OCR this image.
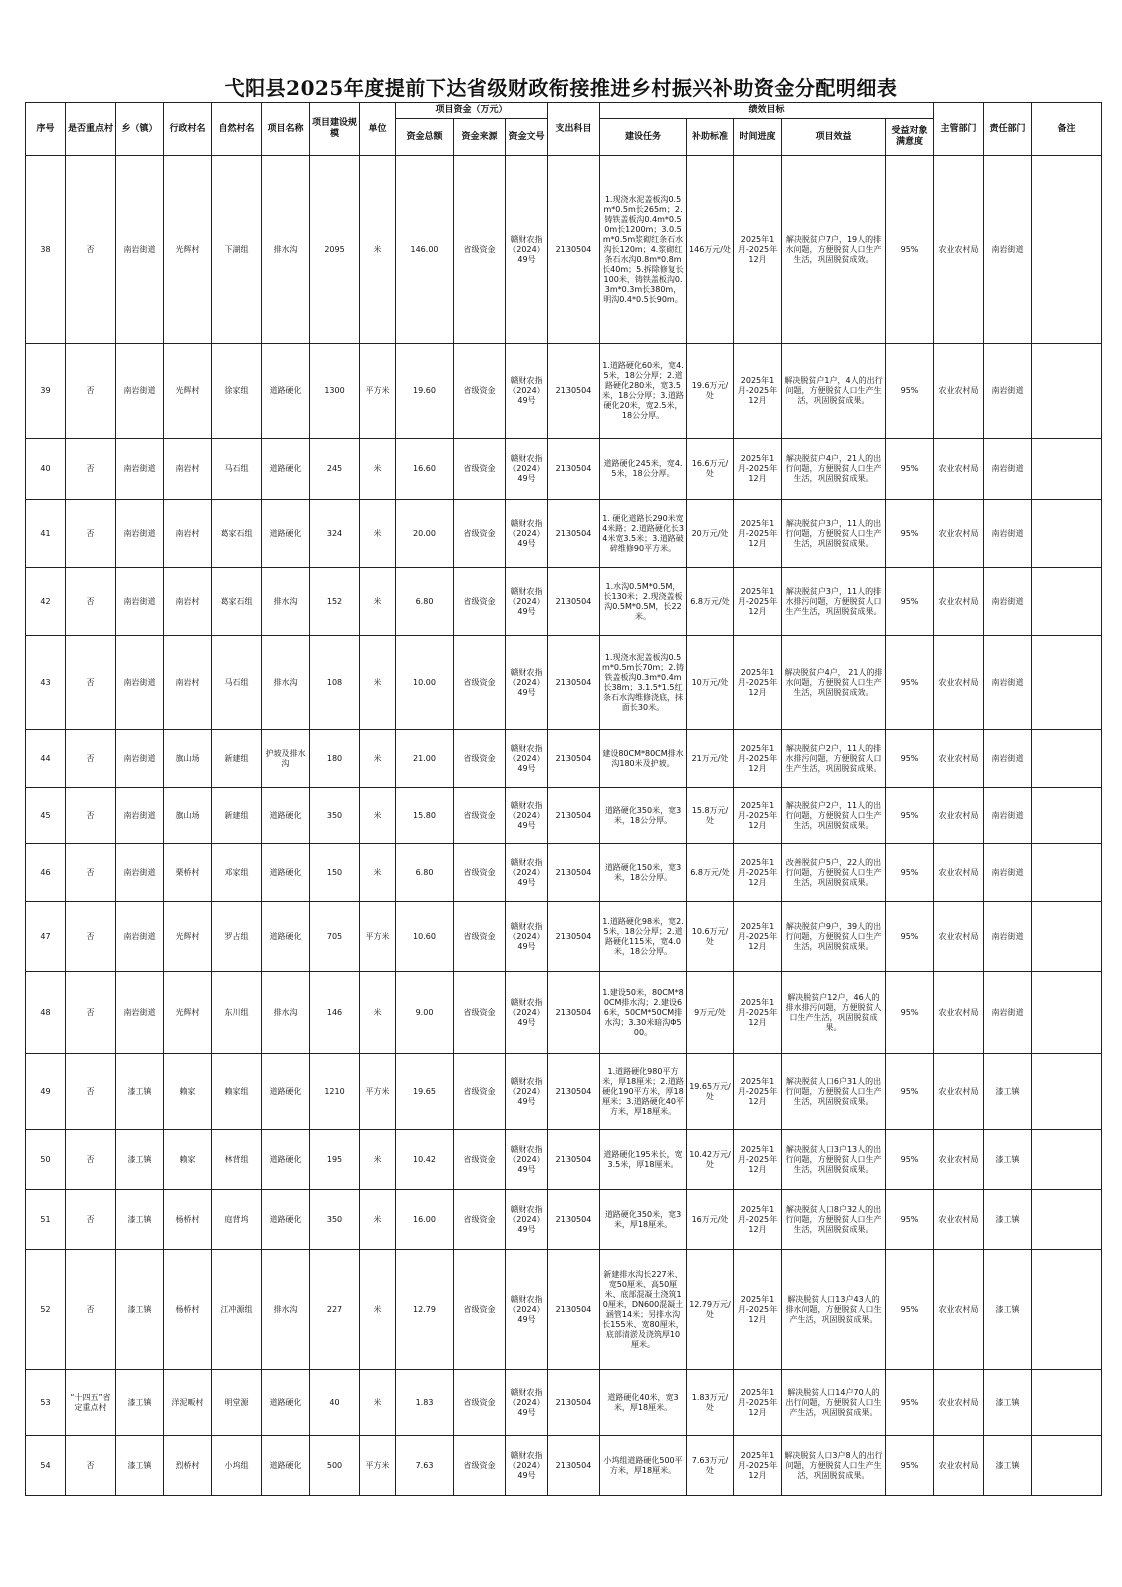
弋阳县2025年度提前下达省级财政衔接推进乡村振兴补助资金分配明细表
序号	是否重点村	乡（镇）	行政村名	自然村名	项目名称	项目建设规模	单位	项目资金（万元）			支出科目	绩效目标					主管部门	责任部门	备注
								资金总额	资金来源	资金文号		建设任务	补助标准	时间进度	项目效益	受益对象满意度			
38	否	南岩街道	光辉村	下湖组	排水沟	2095	米	146.00	省级资金	赣财农指（2024）49号	2130504	1.现浇水泥盖板沟0.5m*0.5m长265m；2.铸铁盖板沟0.4m*0.50m长1200m；3.0.5m*0.5m浆砌红条石水沟长120m；4.浆砌红条石水沟0.8m*0.8m长40m；5.拆除修复长100米，铸铁盖板沟0.3m*0.3m长380m，明沟0.4*0.5长90m。	146万元/处	2025年1月-2025年12月	解决脱贫户7户，19人的排水问题，方便脱贫人口生产生活，巩固脱贫成效。	95%	农业农村局	南岩街道	
39	否	南岩街道	光辉村	徐家组	道路硬化	1300	平方米	19.60	省级资金	赣财农指（2024）49号	2130504	1.道路硬化60米，宽4.5米，18公分厚；2.道路硬化280米，宽3.5米，18公分厚；3.道路硬化20米，宽2.5米，18公分厚。	19.6万元/处	2025年1月-2025年12月	解决脱贫户1户，4人的出行问题，方便脱贫人口生产生活，巩固脱贫成果。	95%	农业农村局	南岩街道	
40	否	南岩街道	南岩村	马石组	道路硬化	245	米	16.60	省级资金	赣财农指（2024）49号	2130504	道路硬化245米，宽4.5米，18公分厚。	16.6万元/处	2025年1月-2025年12月	解决脱贫户4户，21人的出行问题，方便脱贫人口生产生活，巩固脱贫成果。	95%	农业农村局	南岩街道	
41	否	南岩街道	南岩村	葛家石组	道路硬化	324	米	20.00	省级资金	赣财农指（2024）49号	2130504	1. 硬化道路长290米宽4米路；2.道路硬化长34米宽3.5米；3.道路破碎维修90平方米。	20万元/处	2025年1月-2025年12月	解决脱贫户3户，11人的出行问题，方便脱贫人口生产生活，巩固脱贫成果。	95%	农业农村局	南岩街道	
42	否	南岩街道	南岩村	葛家石组	排水沟	152	米	6.80	省级资金	赣财农指（2024）49号	2130504	1.水沟0.5M*0.5M，长130米；2.现浇盖板沟0.5M*0.5M，长22米。	6.8万元/处	2025年1月-2025年12月	解决脱贫户3户，11人的排水排污问题，方便脱贫人口生产生活，巩固脱贫成果。	95%	农业农村局	南岩街道	
43	否	南岩街道	南岩村	马石组	排水沟	108	米	10.00	省级资金	赣财农指（2024）49号	2130504	1.现浇水泥盖板沟0.5m*0.5m长70m；2.铸铁盖板沟0.3m*0.4m长38m；3.1.5*1.5红条石水沟维修浇底，抹面长30米。	10万元/处	2025年1月-2025年12月	解决脱贫户4户， 21人的排水问题，方便脱贫人口生产生活，巩固脱贫成效。	95%	农业农村局	南岩街道	
44	否	南岩街道	旗山场	新建组	护坡及排水沟	180	米	21.00	省级资金	赣财农指（2024）49号	2130504	建设80CM*80CM排水沟180米及护坡。	21万元/处	2025年1月-2025年12月	解决脱贫户2户，11人的排水排污问题，方便脱贫人口生产生活，巩固脱贫成果。	95%	农业农村局	南岩街道	
45	否	南岩街道	旗山场	新建组	道路硬化	350	米	15.80	省级资金	赣财农指（2024）49号	2130504	道路硬化350米，宽3米，18公分厚。	15.8万元/处	2025年1月-2025年12月	解决脱贫户2户，11人的出行问题，方便脱贫人口生产生活，巩固脱贫成果。	95%	农业农村局	南岩街道	
46	否	南岩街道	栗桥村	邓家组	道路硬化	150	米	6.80	省级资金	赣财农指（2024）49号	2130504	道路硬化150米，宽3米，18公分厚。	6.8万元/处	2025年1月-2025年12月	改善脱贫户5户，22人的出行问题，方便脱贫人口生产生活，巩固脱贫成果。	95%	农业农村局	南岩街道	
47	否	南岩街道	光辉村	罗占组	道路硬化	705	平方米	10.60	省级资金	赣财农指（2024）49号	2130504	1.道路硬化98米，宽2.5米，18公分厚；2.道路硬化115米，宽4.0米，18公分厚。	10.6万元/处	2025年1月-2025年12月	解决脱贫户9户，39人的出行问题，方便脱贫人口生产生活，巩固脱贫成果。	95%	农业农村局	南岩街道	
48	否	南岩街道	光辉村	东川组	排水沟	146	米	9.00	省级资金	赣财农指（2024）49号	2130504	1.建设50米，80CM*80CM排水沟；2.建设66米，50CM*50CM排水沟；3.30米暗沟Φ500。	9万元/处	2025年1月-2025年12月	解决脱贫户12户，46人的排水排污问题，方便脱贫人口生产生活，巩固脱贫成果。	95%	农业农村局	南岩街道	
49	否	漆工镇	赖家	赖家组	道路硬化	1210	平方米	19.65	省级资金	赣财农指（2024）49号	2130504	1.道路硬化980平方米，厚18厘米；2.道路硬化190平方米，厚18厘米；3.道路硬化40平方米，厚18厘米。	19.65万元/处	2025年1月-2025年12月	解决脱贫人口6户31人的出行问题，方便脱贫人口生产生活，巩固脱贫成果。	95%	农业农村局	漆工镇	
50	否	漆工镇	赖家	林背组	道路硬化	195	米	10.42	省级资金	赣财农指（2024）49号	2130504	道路硬化195米长，宽3.5米，厚18厘米。	10.42万元/处	2025年1月-2025年12月	解决脱贫人口3户13人的出行问题，方便脱贫人口生产生活，巩固脱贫成果。	95%	农业农村局	漆工镇	
51	否	漆工镇	杨桥村	庭背坞	道路硬化	350	米	16.00	省级资金	赣财农指（2024）49号	2130504	道路硬化350米，宽3米，厚18厘米。	16万元/处	2025年1月-2025年12月	解决脱贫人口8户32人的出行问题，方便脱贫人口生产生活，巩固脱贫成果。	95%	农业农村局	漆工镇	
52	否	漆工镇	杨桥村	江冲源组	排水沟	227	米	12.79	省级资金	赣财农指（2024）49号	2130504	新建排水沟长227米、宽50厘米、高50厘米、底部混凝土浇筑10厘米，DN600混凝土涵管14米；另排水沟长155米、宽80厘米，底部清淤及浇筑厚10厘米。	12.79万元/处	2025年1月-2025年12月	解决脱贫人口13户43人的排水问题，方便脱贫人口生产生活，巩固脱贫成果。	95%	农业农村局	漆工镇	
53	“十四五”省定重点村	漆工镇	洋泥畈村	明堂源	道路硬化	40	米	1.83	省级资金	赣财农指（2024）49号	2130504	道路硬化40米，宽3米，厚18厘米。	1.83万元/处	2025年1月-2025年12月	解决脱贫人口14户70人的出行问题，方便脱贫人口生产生活，巩固脱贫成果。	95%	农业农村局	漆工镇	
54	否	漆工镇	烈桥村	小坞组	道路硬化	500	平方米	7.63	省级资金	赣财农指（2024）49号	2130504	小坞组道路硬化500平方米，厚18厘米。	7.63万元/处	2025年1月-2025年12月	解决脱贫人口3户8人的出行问题，方便脱贫人口生产生活，巩固脱贫成果。	95%	农业农村局	漆工镇	
